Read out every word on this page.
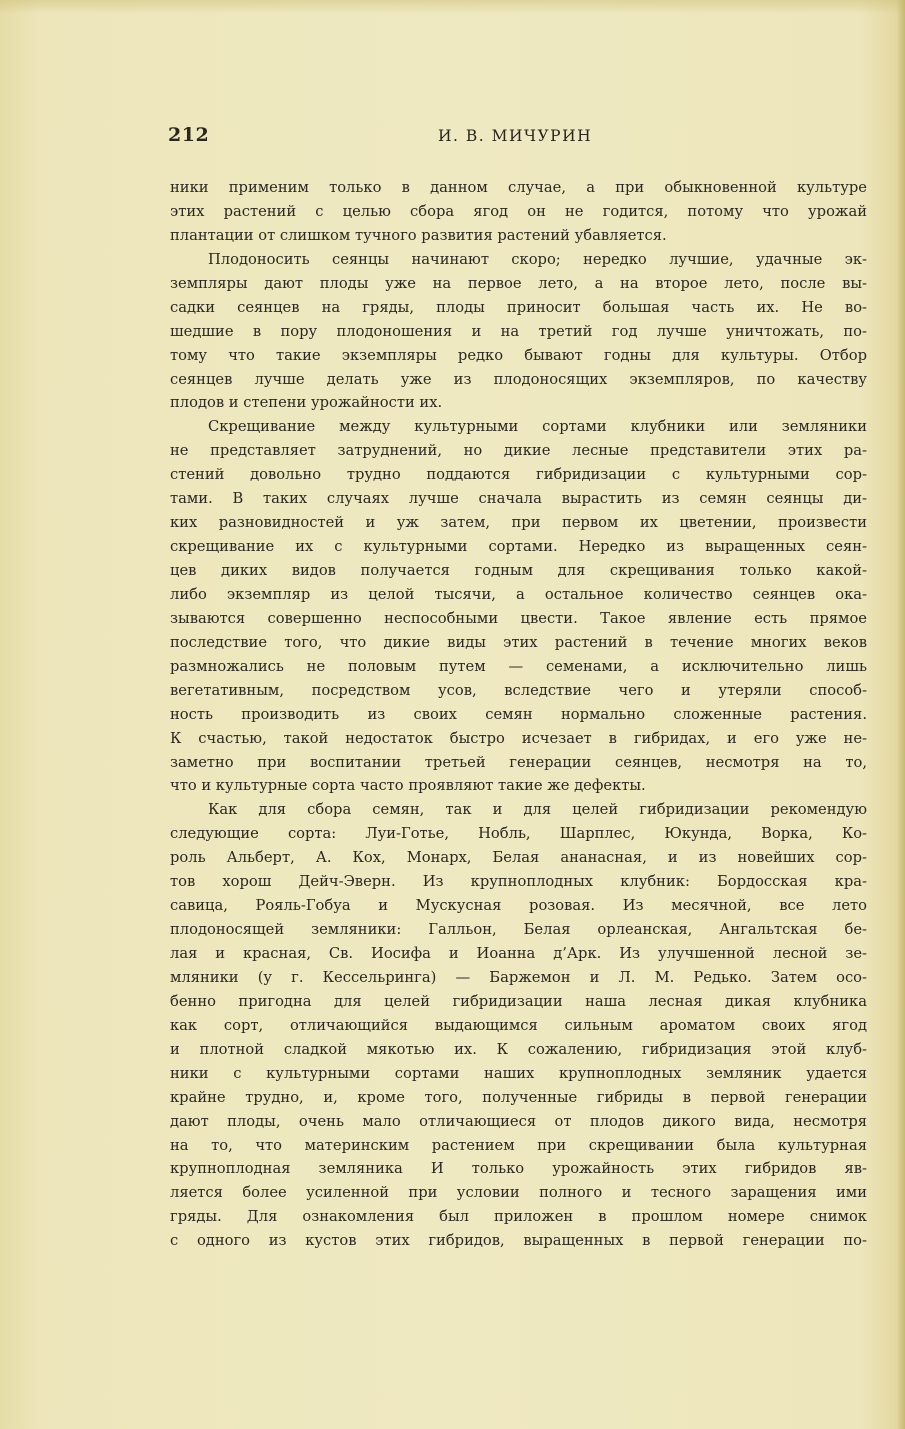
212	И. В. МИЧУРИН

ники применим только в данном случае, а при обыкновенной культуре

этих растений с целью сбора ягод он не годится, потому что урожай

плантации от слишком тучного развития растений убавляется.

Плодоносить сеянцы начинают скоро; нередко лучшие, удачные эк-

земпляры дают плоды уже на первое лето, а на второе лето, после вы-

садки сеянцев на гряды, плоды приносит большая часть их. Не во-

шедшие в пору плодоношения и на третий год лучше уничтожать, по-

тому что такие экземпляры редко бывают годны для культуры. Отбор

сеянцев лучше делать уже из плодоносящих экземпляров, по качеству

плодов и степени урожайности их.

Скрещивание между культурными сортами клубники или земляники

не представляет затруднений, но дикие лесные представители этих ра-

стений довольно трудно поддаются гибридизации с культурными сор-

тами. В таких случаях лучше сначала вырастить из семян сеянцы ди-

ких разновидностей и уж затем, при первом их цветении, произвести

скрещивание их с культурными сортами. Нередко из выращенных сеян-

цев диких видов получается годным для скрещивания только какой-

либо экземпляр из целой тысячи, а остальное количество сеянцев ока-

зываются совершенно неспособными цвести. Такое явление есть прямое

последствие того, что дикие виды этих растений в течение многих веков

размножались не половым путем — семенами, а исключительно лишь

вегетативным, посредством усов, вследствие чего и утеряли способ-

ность производить из своих семян нормально сложенные растения.

К счастью, такой недостаток быстро исчезает в гибридах, и его уже не-

заметно при воспитании третьей генерации сеянцев, несмотря на то,

что и культурные сорта часто проявляют такие же дефекты.

Как для сбора семян, так и для целей гибридизации рекомендую

следующие сорта: Луи-Готье, Нобль, Шарплес, Юкунда, Ворка, Ко-

роль Альберт, А. Кох, Монарх, Белая ананасная, и из новейших сор-

тов хорош Дейч-Эверн. Из крупноплодных клубник: Бордосская кра-

савица, Рояль-Гобуа и Мускусная розовая. Из месячной, все лето

плодоносящей земляники: Галльон, Белая орлеанская, Ангальтская бе-

лая и красная, Св. Иосифа и Иоанна д’Арк. Из улучшенной лесной зе-

мляники (у г. Кессельринга) — Баржемон и Л. М. Редько. Затем осо-

бенно пригодна для целей гибридизации наша лесная дикая клубника

как сорт, отличающийся выдающимся сильным ароматом своих ягод

и плотной сладкой мякотью их. К сожалению, гибридизация этой клуб-

ники с культурными сортами наших крупноплодных земляник удается

крайне трудно, и, кроме того, полученные гибриды в первой генерации

дают плоды, очень мало отличающиеся от плодов дикого вида, несмотря

на то, что материнским растением при скрещивании была культурная

крупноплодная земляника И только урожайность этих гибридов яв-

ляется более усиленной при условии полного и тесного заращения ими

гряды. Для ознакомления был приложен в прошлом номере снимок

с одного из кустов этих гибридов, выращенных в первой генерации по-
